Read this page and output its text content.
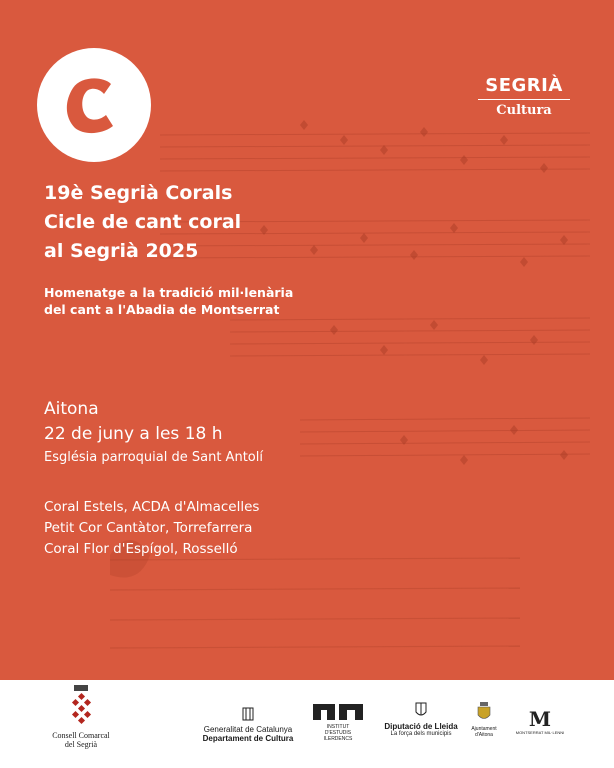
SEGRIÀ
Cultura
19è Segrià Corals
Cicle de cant coral
al Segrià 2025
Homenatge a la tradició mil·lenària
del cant a l'Abadia de Montserrat
Aitona
22 de juny a les 18 h
Església parroquial de Sant Antolí
Coral Estels, ACDA d'Almacelles
Petit Cor Cantàtor, Torrefarrera
Coral Flor d'Espígol, Rosselló
Consell Comarcal
del Segrià
Generalitat de Catalunya
Departament de Cultura
INSTITUT
D'ESTUDIS
ILERDENCS
Diputació de Lleida
La força dels municipis
Ajuntament
d'Aitona
M
MONTSERRAT MIL·LENNI
